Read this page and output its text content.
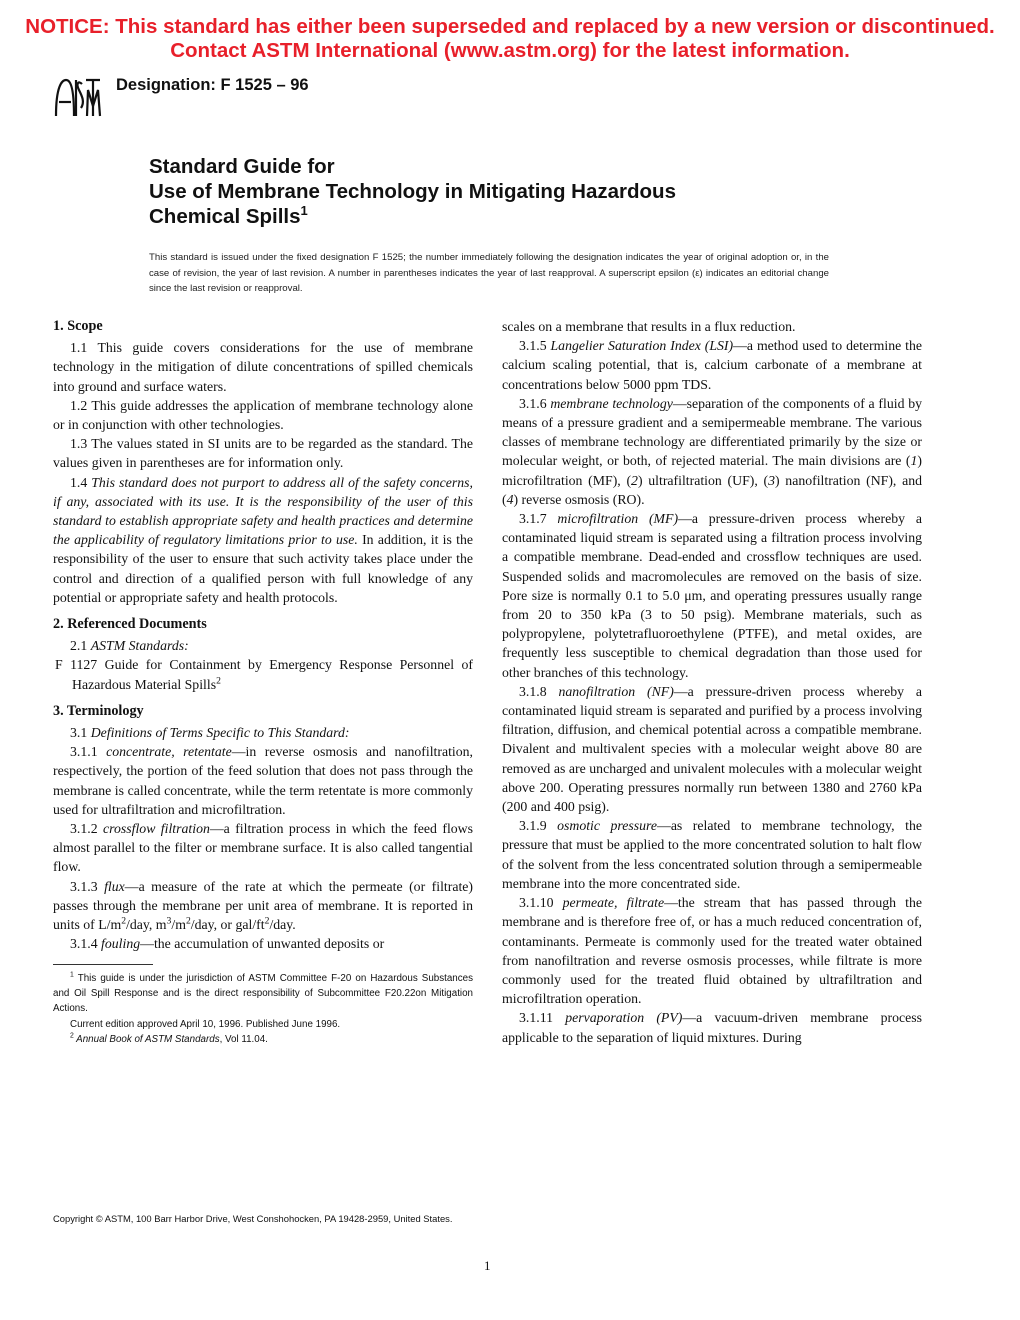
NOTICE: This standard has either been superseded and replaced by a new version or discontinued.
Contact ASTM International (www.astm.org) for the latest information.
Designation: F 1525 – 96
Standard Guide for
Use of Membrane Technology in Mitigating Hazardous
Chemical Spills$^1$

This standard is issued under the fixed designation F 1525; the number immediately following the designation indicates the year of original adoption or, in the case of revision, the year of last revision. A number in parentheses indicates the year of last reapproval. A superscript epsilon (ε) indicates an editorial change since the last revision or reapproval.

1. Scope

1.1 This guide covers considerations for the use of membrane technology in the mitigation of dilute concentrations of spilled chemicals into ground and surface waters.

1.2 This guide addresses the application of membrane technology alone or in conjunction with other technologies.

1.3 The values stated in SI units are to be regarded as the standard. The values given in parentheses are for information only.

1.4 This standard does not purport to address all of the safety concerns, if any, associated with its use. It is the responsibility of the user of this standard to establish appropriate safety and health practices and determine the applicability of regulatory limitations prior to use. In addition, it is the responsibility of the user to ensure that such activity takes place under the control and direction of a qualified person with full knowledge of any potential or appropriate safety and health protocols.

2. Referenced Documents

2.1 ASTM Standards:

F 1127 Guide for Containment by Emergency Response Personnel of Hazardous Material Spills$^2$

3. Terminology

3.1 Definitions of Terms Specific to This Standard:

3.1.1 concentrate, retentate—in reverse osmosis and nanofiltration, respectively, the portion of the feed solution that does not pass through the membrane is called concentrate, while the term retentate is more commonly used for ultrafiltration and microfiltration.

3.1.2 crossflow filtration—a filtration process in which the feed flows almost parallel to the filter or membrane surface. It is also called tangential flow.

3.1.3 flux—a measure of the rate at which the permeate (or filtrate) passes through the membrane per unit area of membrane. It is reported in units of $L/m^2$/day, $m^3/m^2$/day, or gal/$ft^2$/day.

3.1.4 fouling—the accumulation of unwanted deposits or

$^1$ This guide is under the jurisdiction of ASTM Committee F-20 on Hazardous Substances and Oil Spill Response and is the direct responsibility of Subcommittee F20.22on Mitigation Actions.

Current edition approved April 10, 1996. Published June 1996.

$^2$ Annual Book of ASTM Standards, Vol 11.04.

scales on a membrane that results in a flux reduction.

3.1.5 Langelier Saturation Index (LSI)—a method used to determine the calcium scaling potential, that is, calcium carbonate of a membrane at concentrations below 5000 ppm TDS.

3.1.6 membrane technology—separation of the components of a fluid by means of a pressure gradient and a semipermeable membrane. The various classes of membrane technology are differentiated primarily by the size or molecular weight, or both, of rejected material. The main divisions are (1) microfiltration (MF), (2) ultrafiltration (UF), (3) nanofiltration (NF), and (4) reverse osmosis (RO).

3.1.7 microfiltration (MF)—a pressure-driven process whereby a contaminated liquid stream is separated using a filtration process involving a compatible membrane. Dead-ended and crossflow techniques are used. Suspended solids and macromolecules are removed on the basis of size. Pore size is normally 0.1 to 5.0 μm, and operating pressures usually range from 20 to 350 kPa (3 to 50 psig). Membrane materials, such as polypropylene, polytetrafluoroethylene (PTFE), and metal oxides, are frequently less susceptible to chemical degradation than those used for other branches of this technology.

3.1.8 nanofiltration (NF)—a pressure-driven process whereby a contaminated liquid stream is separated and purified by a process involving filtration, diffusion, and chemical potential across a compatible membrane. Divalent and multivalent species with a molecular weight above 80 are removed as are uncharged and univalent molecules with a molecular weight above 200. Operating pressures normally run between 1380 and 2760 kPa (200 and 400 psig).

3.1.9 osmotic pressure—as related to membrane technology, the pressure that must be applied to the more concentrated solution to halt flow of the solvent from the less concentrated solution through a semipermeable membrane into the more concentrated side.

3.1.10 permeate, filtrate—the stream that has passed through the membrane and is therefore free of, or has a much reduced concentration of, contaminants. Permeate is commonly used for the treated water obtained from nanofiltration and reverse osmosis processes, while filtrate is more commonly used for the treated fluid obtained by ultrafiltration and microfiltration operation.

3.1.11 pervaporation (PV)—a vacuum-driven membrane process applicable to the separation of liquid mixtures. During

Copyright © ASTM, 100 Barr Harbor Drive, West Conshohocken, PA 19428-2959, United States.
1
